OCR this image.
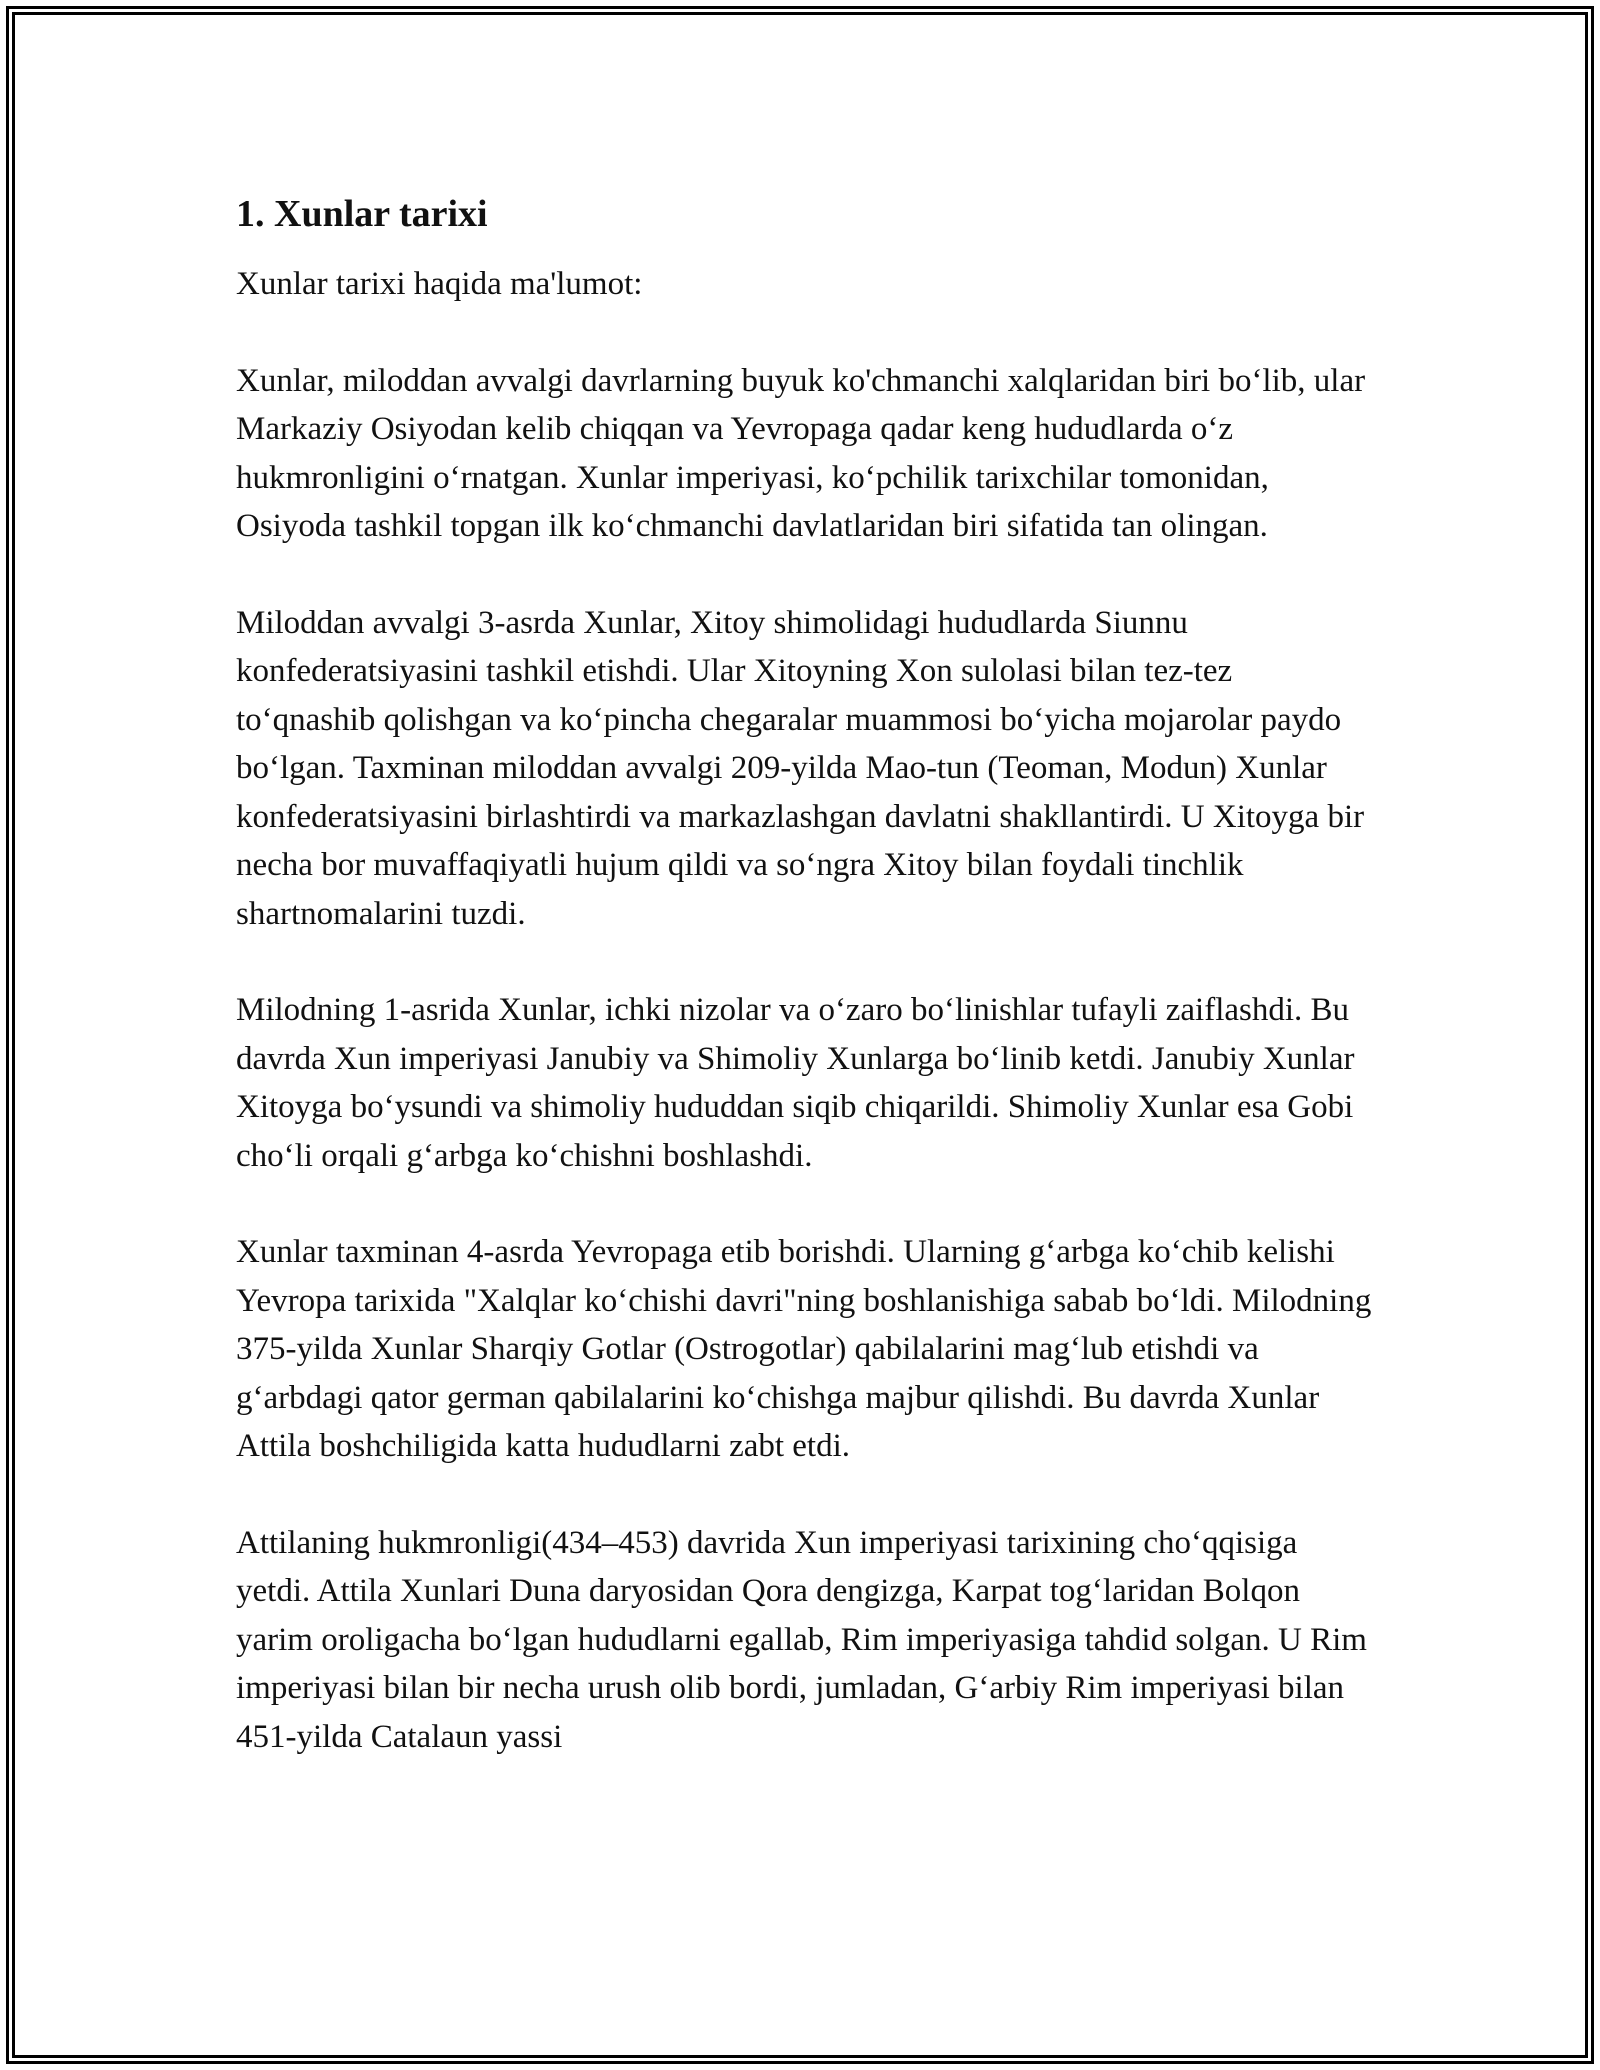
1. Xunlar tarixi

Xunlar tarixi haqida ma'lumot:

Xunlar, miloddan avvalgi davrlarning buyuk ko'chmanchi xalqlaridan biri bo‘lib, ular Markaziy Osiyodan kelib chiqqan va Yevropaga qadar keng hududlarda o‘z hukmronligini o‘rnatgan. Xunlar imperiyasi, ko‘pchilik tarixchilar tomonidan, Osiyoda tashkil topgan ilk ko‘chmanchi davlatlaridan biri sifatida tan olingan.

Miloddan avvalgi 3-asrda Xunlar, Xitoy shimolidagi hududlarda Siunnu konfederatsiyasini tashkil etishdi. Ular Xitoyning Xon sulolasi bilan tez-tez to‘qnashib qolishgan va ko‘pincha chegaralar muammosi bo‘yicha mojarolar paydo bo‘lgan. Taxminan miloddan avvalgi 209-yilda Mao-tun (Teoman, Modun) Xunlar konfederatsiyasini birlashtirdi va markazlashgan davlatni shakllantirdi. U Xitoyga bir necha bor muvaffaqiyatli hujum qildi va so‘ngra Xitoy bilan foydali tinchlik shartnomalarini tuzdi.

Milodning 1-asrida Xunlar, ichki nizolar va o‘zaro bo‘linishlar tufayli zaiflashdi. Bu davrda Xun imperiyasi Janubiy va Shimoliy Xunlarga bo‘linib ketdi. Janubiy Xunlar Xitoyga bo‘ysundi va shimoliy hududdan siqib chiqarildi. Shimoliy Xunlar esa Gobi cho‘li orqali g‘arbga ko‘chishni boshlashdi.

Xunlar taxminan 4-asrda Yevropaga etib borishdi. Ularning g‘arbga ko‘chib kelishi Yevropa tarixida "Xalqlar ko‘chishi davri"ning boshlanishiga sabab bo‘ldi. Milodning 375-yilda Xunlar Sharqiy Gotlar (Ostrogotlar) qabilalarini mag‘lub etishdi va g‘arbdagi qator german qabilalarini ko‘chishga majbur qilishdi. Bu davrda Xunlar Attila boshchiligida katta hududlarni zabt etdi.

Attilaning hukmronligi(434–453) davrida Xun imperiyasi tarixining cho‘qqisiga yetdi. Attila Xunlari Duna daryosidan Qora dengizga, Karpat tog‘laridan Bolqon yarim oroligacha bo‘lgan hududlarni egallab, Rim imperiyasiga tahdid solgan. U Rim imperiyasi bilan bir necha urush olib bordi, jumladan, G‘arbiy Rim imperiyasi bilan 451-yilda Catalaun yassi
